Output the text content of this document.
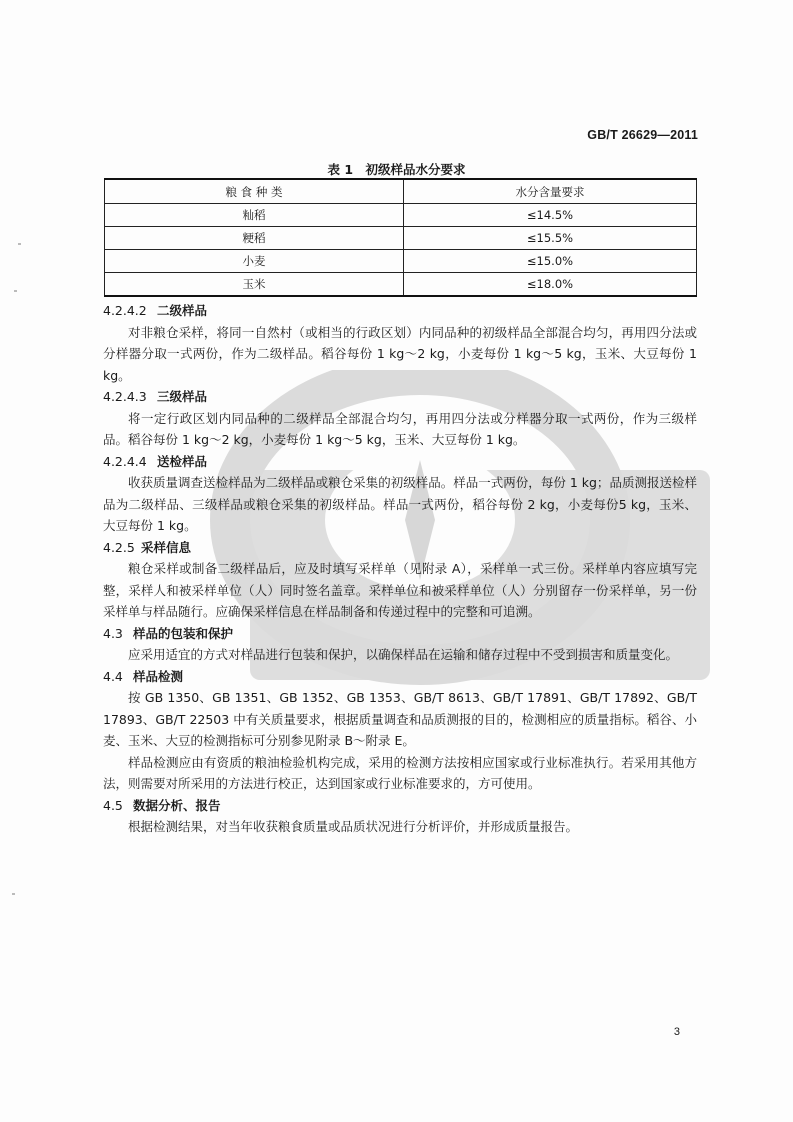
GB/T 26629—2011
表 1　初级样品水分要求
粮 食 种 类	水分含量要求
籼稻	≤14.5%
粳稻	≤15.5%
小麦	≤15.0%
玉米	≤18.0%
4.2.4.2 二级样品

对非粮仓采样，将同一自然村（或相当的行政区划）内同品种的初级样品全部混合均匀，再用四分法或分样器分取一式两份，作为二级样品。稻谷每份 1 kg～2 kg，小麦每份 1 kg～5 kg，玉米、大豆每份 1 kg。

4.2.4.3 三级样品

将一定行政区划内同品种的二级样品全部混合均匀，再用四分法或分样器分取一式两份，作为三级样品。稻谷每份 1 kg～2 kg，小麦每份 1 kg～5 kg，玉米、大豆每份 1 kg。

4.2.4.4 送检样品

收获质量调查送检样品为二级样品或粮仓采集的初级样品。样品一式两份，每份 1 kg；品质测报送检样品为二级样品、三级样品或粮仓采集的初级样品。样品一式两份，稻谷每份 2 kg，小麦每份5 kg，玉米、大豆每份 1 kg。

4.2.5 采样信息

粮仓采样或制备二级样品后，应及时填写采样单（见附录 A），采样单一式三份。采样单内容应填写完整，采样人和被采样单位（人）同时签名盖章。采样单位和被采样单位（人）分别留存一份采样单，另一份采样单与样品随行。应确保采样信息在样品制备和传递过程中的完整和可追溯。

4.3 样品的包装和保护

应采用适宜的方式对样品进行包装和保护，以确保样品在运输和储存过程中不受到损害和质量变化。

4.4 样品检测

按 GB 1350、GB 1351、GB 1352、GB 1353、GB/T 8613、GB/T 17891、GB/T 17892、GB/T 17893、GB/T 22503 中有关质量要求，根据质量调查和品质测报的目的，检测相应的质量指标。稻谷、小麦、玉米、大豆的检测指标可分别参见附录 B～附录 E。

样品检测应由有资质的粮油检验机构完成，采用的检测方法按相应国家或行业标准执行。若采用其他方法，则需要对所采用的方法进行校正，达到国家或行业标准要求的，方可使用。

4.5 数据分析、报告

根据检测结果，对当年收获粮食质量或品质状况进行分析评价，并形成质量报告。

3
